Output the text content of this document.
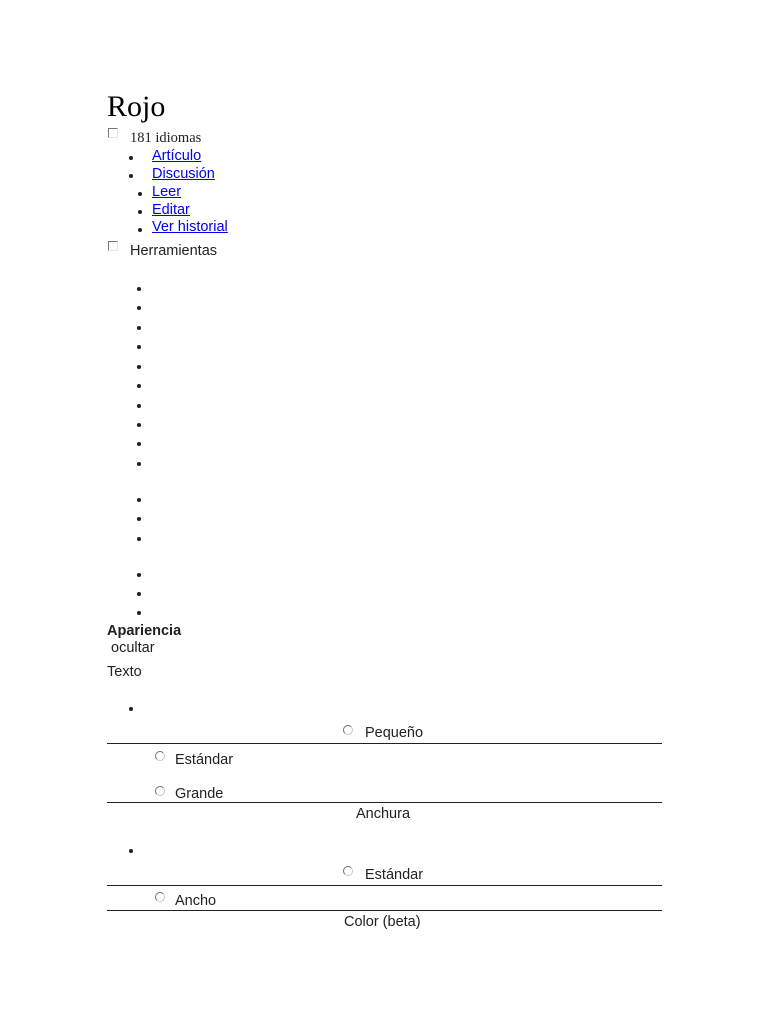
Rojo
181 idiomas
Artículo
Discusión
Leer
Editar
Ver historial
Herramientas
Apariencia
ocultar
Texto
Pequeño
Estándar
Grande
Anchura
Estándar
Ancho
Color (beta)
